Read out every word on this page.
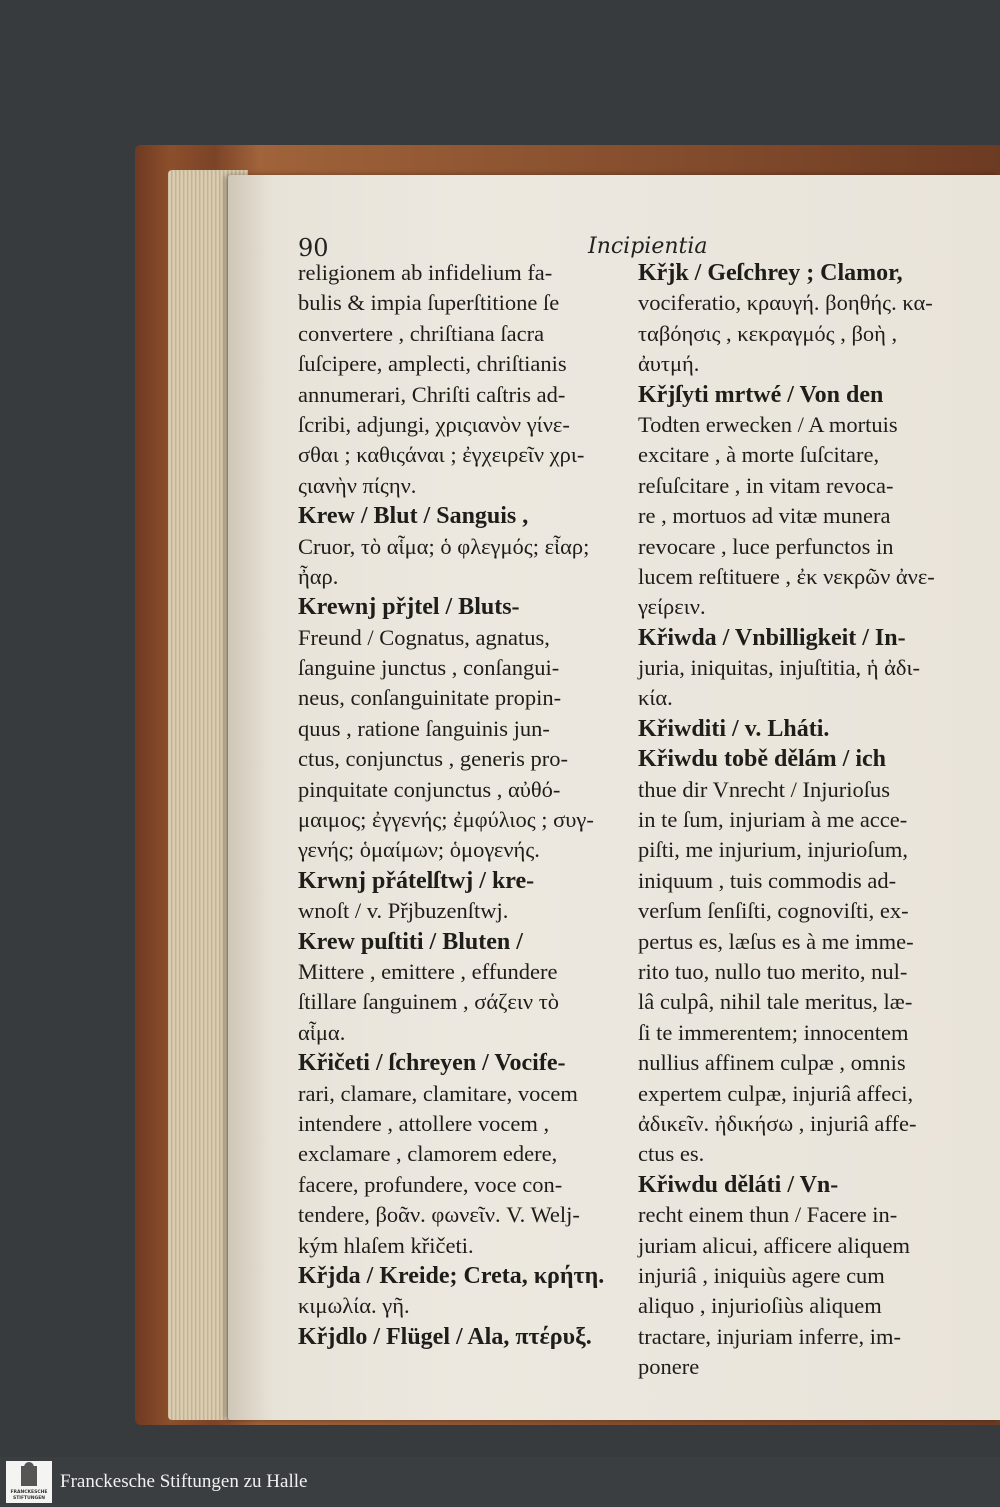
90	Incipientia
religionem ab infidelium fa-
bulis & impia ſuperſtitione ſe
convertere , chriſtiana ſacra
ſuſcipere, amplecti, chriſtianis
annumerari, Chriſti caſtris ad-
ſcribi, adjungi, χριςιανὸν γίνε-
σθαι ; καθιςάναι ; ἐγχειρεῖν χρι-
ςιανὴν πίςην.
Krew / Blut / Sanguis ,
Cruor, τὸ αἷμα; ὁ φλεγμός; εἶαρ;
ἦαρ.
Krewnj přjtel / Bluts-
Freund / Cognatus, agnatus,
ſanguine junctus , conſangui-
neus, conſanguinitate propin-
quus , ratione ſanguinis jun-
ctus, conjunctus , generis pro-
pinquitate conjunctus , αὐθό-
μαιμος; ἐγγενής; ἐμφύλιος ; συγ-
γενής; ὁμαίμων; ὁμογενής.
Krwnj přátelſtwj / kre-
wnoſt / v. Přjbuzenſtwj.
Krew puſtiti / Bluten /
Mittere , emittere , effundere
ſtillare ſanguinem , σάζειν τὸ
αἷμα.
Křičeti / ſchreyen / Vocife-
rari, clamare, clamitare, vocem
intendere , attollere vocem ,
exclamare , clamorem edere,
facere, profundere, voce con-
tendere, βοᾶν. φωνεῖν. V. Welj-
kým hlaſem křičeti.
Křjda / Kreide; Creta, κρήτη.
κιμωλία. γῆ.
Křjdlo / Flügel / Ala, πτέρυξ.
Křjk / Geſchrey ; Clamor,
vociferatio, κραυγή. βοηθής. κα-
ταβόησις , κεκραγμός , βοὴ ,
ἀυτμή.
Křjſyti mrtwé / Von den
Todten erwecken / A mortuis
excitare , à morte ſuſcitare,
reſuſcitare , in vitam revoca-
re , mortuos ad vitæ munera
revocare , luce perfunctos in
lucem reſtituere , ἐκ νεκρῶν ἀνε-
γείρειν.
Křiwda / Vnbilligkeit / In-
juria, iniquitas, injuſtitia, ἡ ἀδι-
κία.
Křiwditi / v. Lháti.
Křiwdu tobě dělám / ich
thue dir Vnrecht / Injurioſus
in te ſum, injuriam à me acce-
piſti, me injurium, injurioſum,
iniquum , tuis commodis ad-
verſum ſenſiſti, cognoviſti, ex-
pertus es, læſus es à me imme-
rito tuo, nullo tuo merito, nul-
lâ culpâ, nihil tale meritus, læ-
ſi te immerentem; innocentem
nullius affinem culpæ , omnis
expertem culpæ, injuriâ affeci,
ἀδικεῖν. ἠδικήσω , injuriâ affe-
ctus es.
Křiwdu děláti / Vn-
recht einem thun / Facere in-
juriam alicui, afficere aliquem
injuriâ , iniquiùs agere cum
aliquo , injurioſiùs aliquem
tractare, injuriam inferre, im-
ponere
FRANCKESCHE
STIFTUNGEN
Franckesche Stiftungen zu Halle
